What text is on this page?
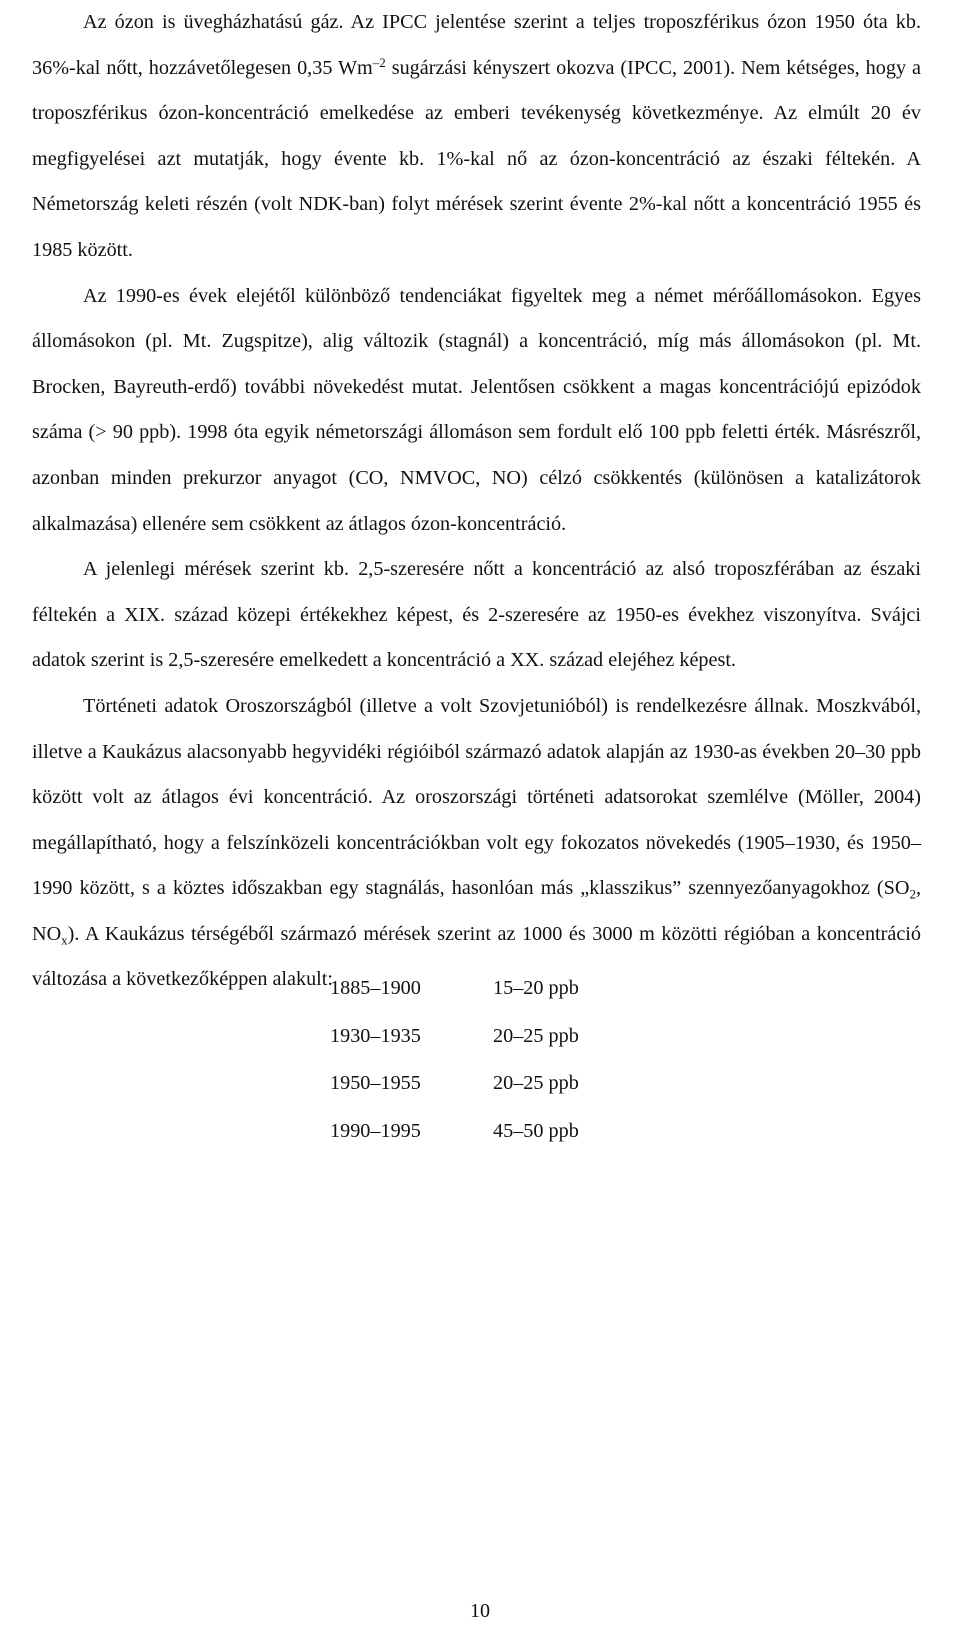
Az ózon is üvegházhatású gáz. Az IPCC jelentése szerint a teljes troposzférikus ózon 1950 óta kb. 36%-kal nőtt, hozzávetőlegesen 0,35 $Wm^{-2}$ sugárzási kényszert okozva (IPCC, 2001). Nem kétséges, hogy a troposzférikus ózon-koncentráció emelkedése az emberi tevékenység következménye. Az elmúlt 20 év megfigyelései azt mutatják, hogy évente kb. 1%-kal nő az ózon-koncentráció az északi féltekén. A Németország keleti részén (volt NDK-ban) folyt mérések szerint évente 2%-kal nőtt a koncentráció 1955 és 1985 között.

Az 1990-es évek elejétől különböző tendenciákat figyeltek meg a német mérőállomásokon. Egyes állomásokon (pl. Mt. Zugspitze), alig változik (stagnál) a koncentráció, míg más állomásokon (pl. Mt. Brocken, Bayreuth-erdő) további növekedést mutat. Jelentősen csökkent a magas koncentrációjú epizódok száma (> 90 ppb). 1998 óta egyik németországi állomáson sem fordult elő 100 ppb feletti érték. Másrészről, azonban minden prekurzor anyagot (CO, NMVOC, NO) célzó csökkentés (különösen a katalizátorok alkalmazása) ellenére sem csökkent az átlagos ózon-koncentráció.

A jelenlegi mérések szerint kb. 2,5-szeresére nőtt a koncentráció az alsó troposzférában az északi féltekén a XIX. század közepi értékekhez képest, és 2-szeresére az 1950-es évekhez viszonyítva. Svájci adatok szerint is 2,5-szeresére emelkedett a koncentráció a XX. század elejéhez képest.

Történeti adatok Oroszországból (illetve a volt Szovjetunióból) is rendelkezésre állnak. Moszkvából, illetve a Kaukázus alacsonyabb hegyvidéki régióiból származó adatok alapján az 1930-as években 20–30 ppb között volt az átlagos évi koncentráció. Az oroszországi történeti adatsorokat szemlélve (Möller, 2004) megállapítható, hogy a felszínközeli koncentrációkban volt egy fokozatos növekedés (1905–1930, és 1950–1990 között, s a köztes időszakban egy stagnálás, hasonlóan más „klasszikus” szennyezőanyagokhoz ($SO_2$, $NO_x$). A Kaukázus térségéből származó mérések szerint az 1000 és 3000 m közötti régióban a koncentráció változása a következőképpen alakult:

1885–1900	15–20 ppb
1930–1935	20–25 ppb
1950–1955	20–25 ppb
1990–1995	45–50 ppb
10
